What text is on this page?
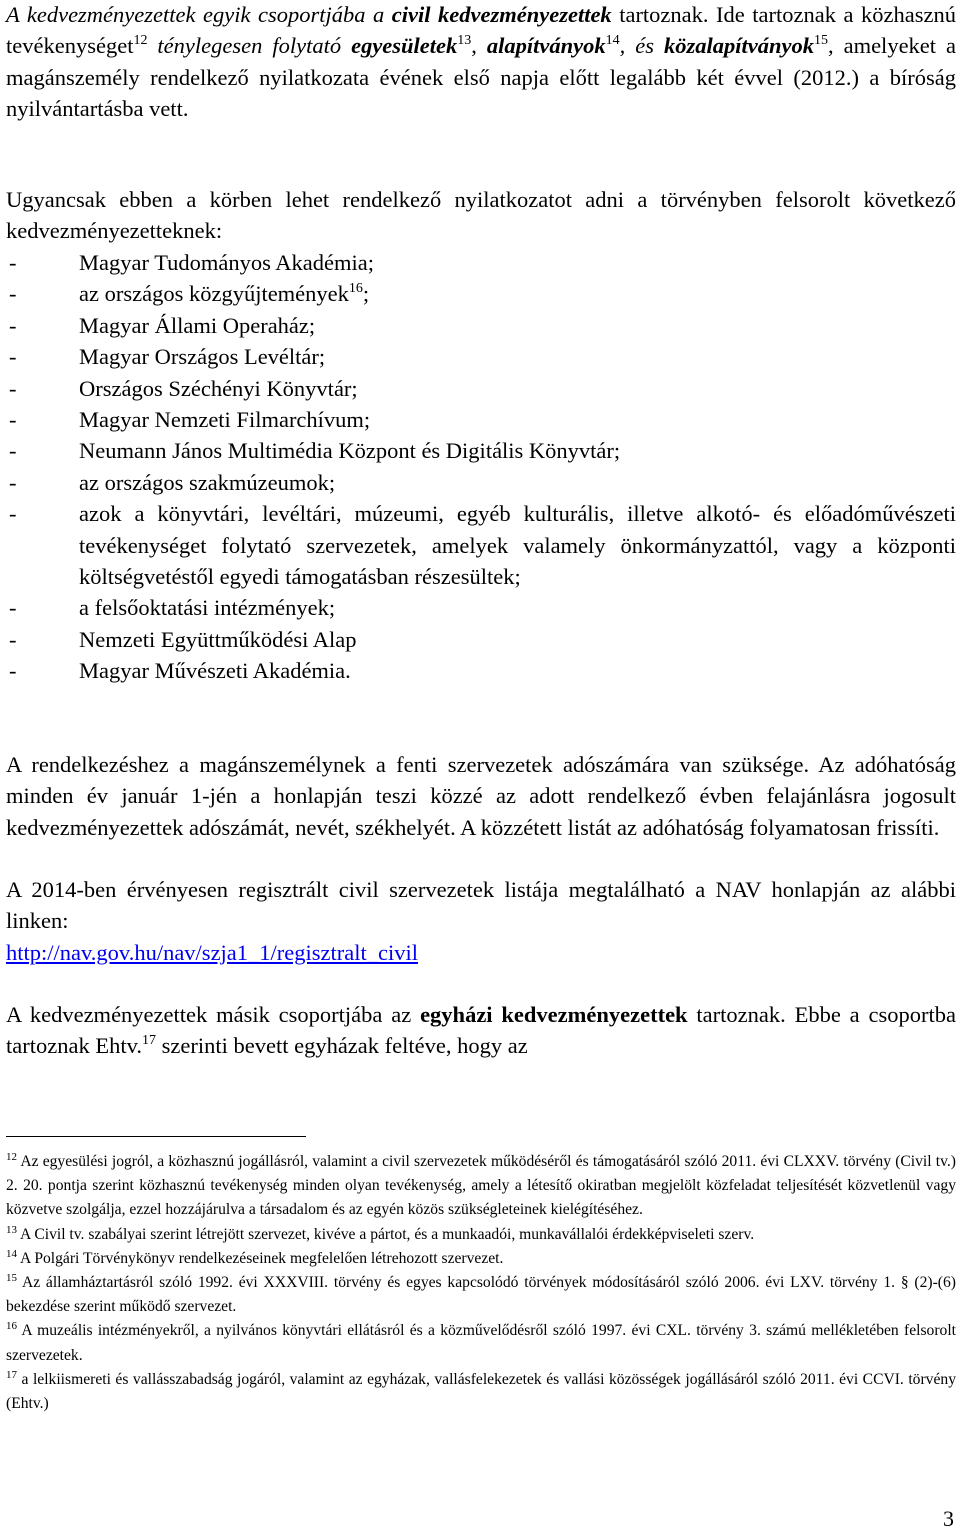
A kedvezményezettek egyik csoportjába a civil kedvezményezettek tartoznak. Ide tartoznak a közhasznú tevékenységet$^{12}$ ténylegesen folytató egyesületek$^{13}$, alapítványok$^{14}$, és közalapítványok$^{15}$, amelyeket a magánszemély rendelkező nyilatkozata évének első napja előtt legalább két évvel (2012.) a bíróság nyilvántartásba vett.

Ugyancsak ebben a körben lehet rendelkező nyilatkozatot adni a törvényben felsorolt következő kedvezményezetteknek:

-	Magyar Tudományos Akadémia;
-	az országos közgyűjtemények$^{16}$;
-	Magyar Állami Operaház;
-	Magyar Országos Levéltár;
-	Országos Széchényi Könyvtár;
-	Magyar Nemzeti Filmarchívum;
-	Neumann János Multimédia Központ és Digitális Könyvtár;
-	az országos szakmúzeumok;
-	azok a könyvtári, levéltári, múzeumi, egyéb kulturális, illetve alkotó- és előadóművészeti tevékenységet folytató szervezetek, amelyek valamely önkormányzattól, vagy a központi költségvetéstől egyedi támogatásban részesültek;
-	a felsőoktatási intézmények;
-	Nemzeti Együttműködési Alap
-	Magyar Művészeti Akadémia.

A rendelkezéshez a magánszemélynek a fenti szervezetek adószámára van szüksége. Az adóhatóság minden év január 1-jén a honlapján teszi közzé az adott rendelkező évben felajánlásra jogosult kedvezményezettek adószámát, nevét, székhelyét. A közzétett listát az adóhatóság folyamatosan frissíti.

A 2014-ben érvényesen regisztrált civil szervezetek listája megtalálható a NAV honlapján az alábbi linken:
http://nav.gov.hu/nav/szja1_1/regisztralt_civil

A kedvezményezettek másik csoportjába az egyházi kedvezményezettek tartoznak. Ebbe a csoportba tartoznak Ehtv.$^{17}$ szerinti bevett egyházak feltéve, hogy az

$^{12}$ Az egyesülési jogról, a közhasznú jogállásról, valamint a civil szervezetek működéséről és támogatásáról szóló 2011. évi CLXXV. törvény (Civil tv.) 2. 20. pontja szerint közhasznú tevékenység minden olyan tevékenység, amely a létesítő okiratban megjelölt közfeladat teljesítését közvetlenül vagy közvetve szolgálja, ezzel hozzájárulva a társadalom és az egyén közös szükségleteinek kielégítéséhez.

$^{13}$ A Civil tv. szabályai szerint létrejött szervezet, kivéve a pártot, és a munkaadói, munkavállalói érdekképviseleti szerv.

$^{14}$ A Polgári Törvénykönyv rendelkezéseinek megfelelően létrehozott szervezet.

$^{15}$ Az államháztartásról szóló 1992. évi XXXVIII. törvény és egyes kapcsolódó törvények módosításáról szóló 2006. évi LXV. törvény 1. § (2)-(6) bekezdése szerint működő szervezet.

$^{16}$ A muzeális intézményekről, a nyilvános könyvtári ellátásról és a közművelődésről szóló 1997. évi CXL. törvény 3. számú mellékletében felsorolt szervezetek.

$^{17}$ a lelkiismereti és vallásszabadság jogáról, valamint az egyházak, vallásfelekezetek és vallási közösségek jogállásáról szóló 2011. évi CCVI. törvény (Ehtv.)

3
